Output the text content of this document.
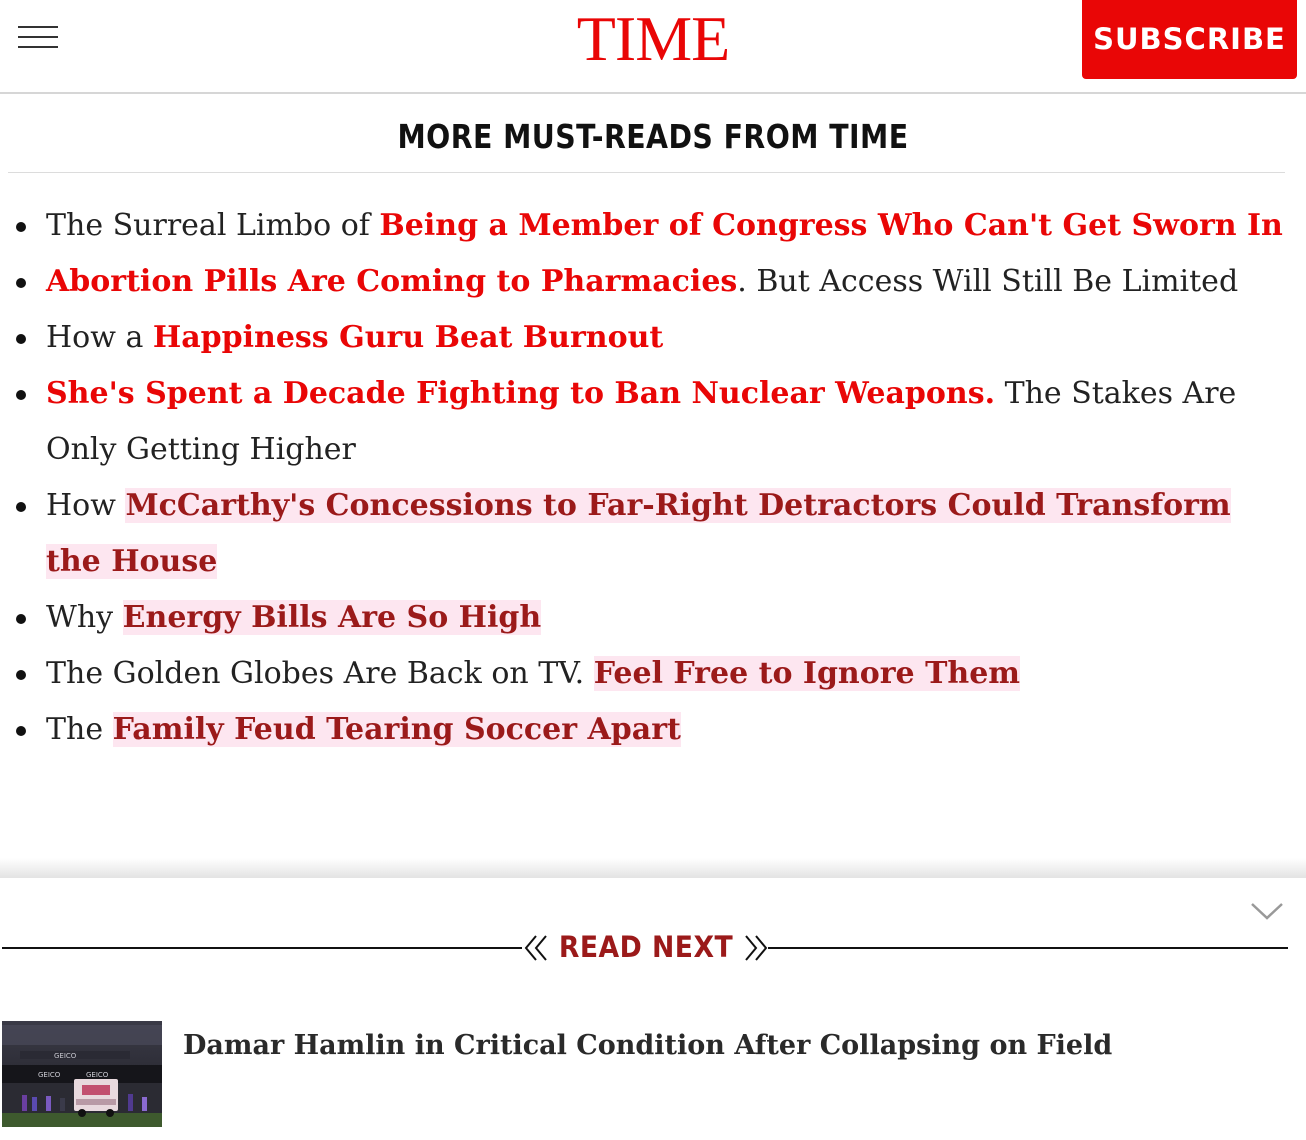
TIME	SUBSCRIBE
MORE MUST-READS FROM TIME
The Surreal Limbo of Being a Member of Congress Who Can't Get Sworn In
Abortion Pills Are Coming to Pharmacies. But Access Will Still Be Limited
How a Happiness Guru Beat Burnout
She's Spent a Decade Fighting to Ban Nuclear Weapons. The Stakes Are Only Getting Higher
How McCarthy's Concessions to Far-Right Detractors Could Transform the House
Why Energy Bills Are So High
The Golden Globes Are Back on TV. Feel Free to Ignore Them
The Family Feud Tearing Soccer Apart
READ NEXT
GEICO
GEICO	GEICO
Damar Hamlin in Critical Condition After Collapsing on Field
